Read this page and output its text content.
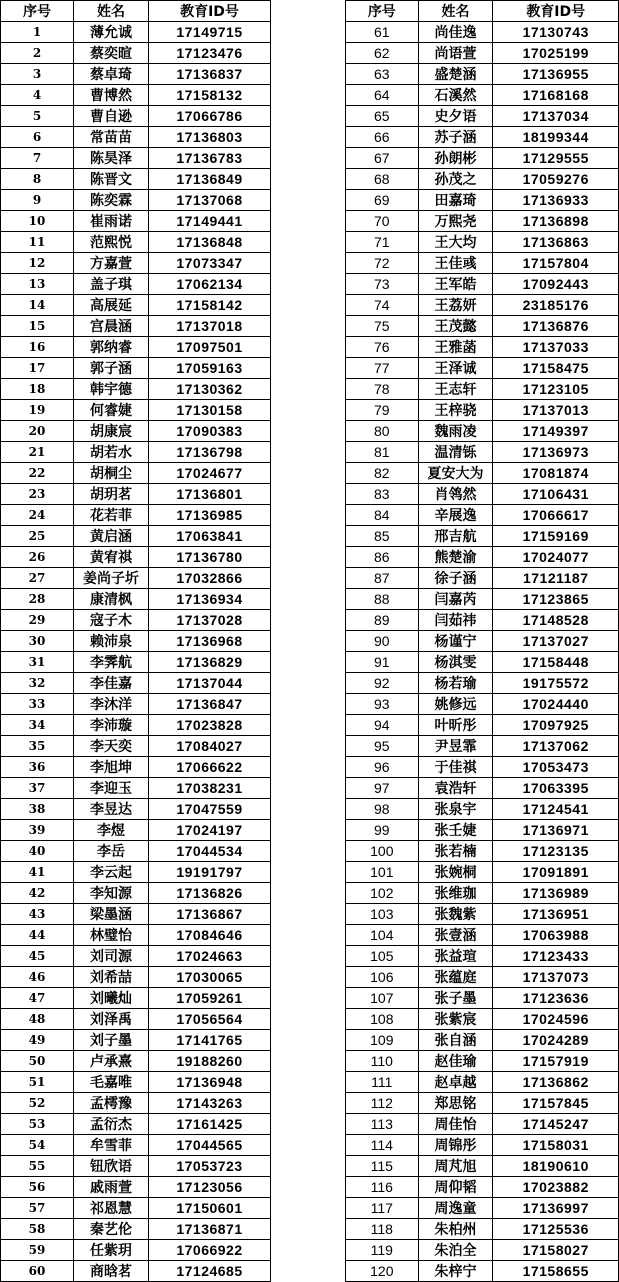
序号	姓名	教育ID号
1	薄允诚	17149715
2	蔡奕暄	17123476
3	蔡卓琦	17136837
4	曹博然	17158132
5	曹自逊	17066786
6	常苗苗	17136803
7	陈昊泽	17136783
8	陈晋文	17136849
9	陈奕霖	17137068
10	崔雨诺	17149441
11	范熙悦	17136848
12	方嘉萱	17073347
13	盖子琪	17062134
14	高展延	17158142
15	宫晨涵	17137018
16	郭纳睿	17097501
17	郭子涵	17059163
18	韩宇德	17130362
19	何睿婕	17130158
20	胡康宸	17090383
21	胡若水	17136798
22	胡桐尘	17024677
23	胡玥茗	17136801
24	花若菲	17136985
25	黄启涵	17063841
26	黄宥祺	17136780
27	姜尚子圻	17032866
28	康清枫	17136934
29	寇子木	17137028
30	赖沛泉	17136968
31	李霁航	17136829
32	李佳嘉	17137044
33	李沐洋	17136847
34	李沛璇	17023828
35	李天奕	17084027
36	李旭坤	17066622
37	李迎玉	17038231
38	李昱达	17047559
39	李煜	17024197
40	李岳	17044534
41	李云起	19191797
42	李知源	17136826
43	梁墨涵	17136867
44	林璧怡	17084646
45	刘司源	17024663
46	刘希喆	17030065
47	刘曦灿	17059261
48	刘泽禹	17056564
49	刘子墨	17141765
50	卢承熹	19188260
51	毛嘉唯	17136948
52	孟樗豫	17143263
53	孟衍杰	17161425
54	牟雪菲	17044565
55	钮欣语	17053723
56	戚雨萱	17123056
57	祁恩慧	17150601
58	秦艺伦	17136871
59	任紫玥	17066922
60	商晗茗	17124685
序号	姓名	教育ID号
61	尚佳逸	17130743
62	尚语萱	17025199
63	盛楚涵	17136955
64	石溪然	17168168
65	史夕语	17137034
66	苏子涵	18199344
67	孙朗彬	17129555
68	孙茂之	17059276
69	田嘉琦	17136933
70	万熙尧	17136898
71	王大均	17136863
72	王佳彧	17157804
73	王军皓	17092443
74	王荔妍	23185176
75	王茂懿	17136876
76	王雅菡	17137033
77	王泽诚	17158475
78	王志轩	17123105
79	王梓骁	17137013
80	魏雨凌	17149397
81	温清铄	17136973
82	夏安大为	17081874
83	肖鸰然	17106431
84	辛展逸	17066617
85	邢吉航	17159169
86	熊楚渝	17024077
87	徐子涵	17121187
88	闫嘉芮	17123865
89	闫茹祎	17148528
90	杨谨宁	17137027
91	杨淇雯	17158448
92	杨若瑜	19175572
93	姚修远	17024440
94	叶昕彤	17097925
95	尹昱霏	17137062
96	于佳祺	17053473
97	袁浩轩	17063395
98	张泉宇	17124541
99	张壬婕	17136971
100	张若楠	17123135
101	张婉桐	17091891
102	张维珈	17136989
103	张魏紫	17136951
104	张壹涵	17063988
105	张益瑄	17123433
106	张蕴庭	17137073
107	张子墨	17123636
108	张紫宸	17024596
109	张自涵	17024289
110	赵佳瑜	17157919
111	赵卓越	17136862
112	郑思铭	17157845
113	周佳怡	17145247
114	周锦彤	17158031
115	周芃旭	18190610
116	周仰韬	17023882
117	周逸童	17136997
118	朱柏州	17125536
119	朱泊全	17158027
120	朱梓宁	17158655
